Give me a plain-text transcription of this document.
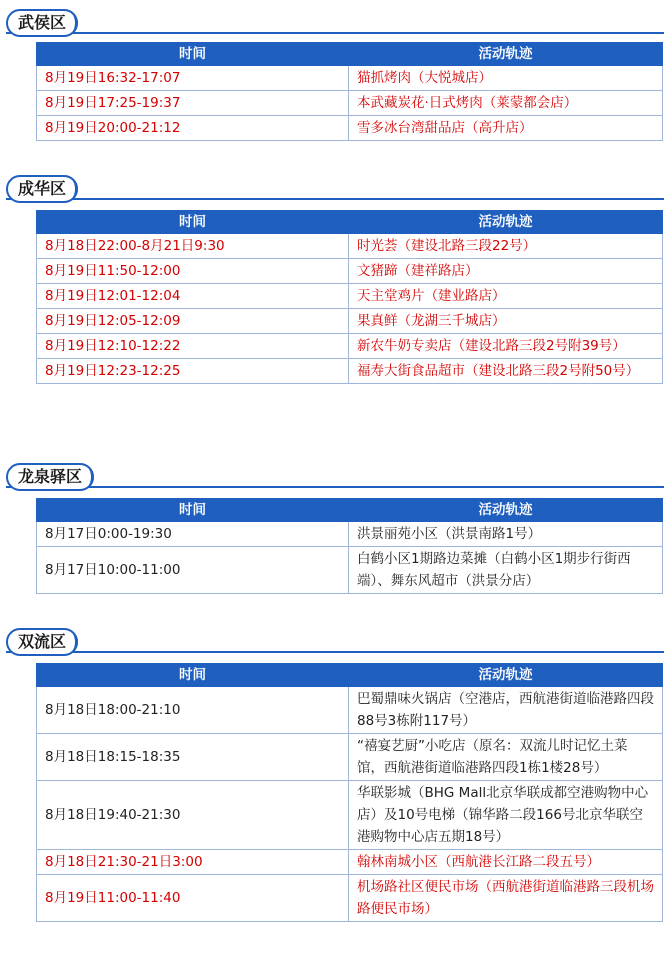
武侯区
时间	活动轨迹
8月19日16:32-17:07	猫抓烤肉（大悦城店）
8月19日17:25-19:37	本武藏炭花·日式烤肉（莱蒙都会店）
8月19日20:00-21:12	雪多冰台湾甜品店（高升店）
成华区
时间	活动轨迹
8月18日22:00-8月21日9:30	时光荟（建设北路三段22号）
8月19日11:50-12:00	文猪蹄（建祥路店）
8月19日12:01-12:04	天主堂鸡片（建业路店）
8月19日12:05-12:09	果真鲜（龙湖三千城店）
8月19日12:10-12:22	新农牛奶专卖店（建设北路三段2号附39号）
8月19日12:23-12:25	福寿大街食品超市（建设北路三段2号附50号）
龙泉驿区
时间	活动轨迹
8月17日0:00-19:30	洪景丽苑小区（洪景南路1号）
8月17日10:00-11:00	白鹤小区1期路边菜摊（白鹤小区1期步行街西端）、舞东风超市（洪景分店）
双流区
时间	活动轨迹
8月18日18:00-21:10	巴蜀鼎味火锅店（空港店，西航港街道临港路四段88号3栋附117号）
8月18日18:15-18:35	“禧宴艺厨”小吃店（原名：双流儿时记忆土菜馆，西航港街道临港路四段1栋1楼28号）
8月18日19:40-21:30	华联影城（BHG Mall北京华联成都空港购物中心店）及10号电梯（锦华路二段166号北京华联空港购物中心店五期18号）
8月18日21:30-21日3:00	翰林南城小区（西航港长江路二段五号）
8月19日11:00-11:40	机场路社区便民市场（西航港街道临港路三段机场路便民市场）
